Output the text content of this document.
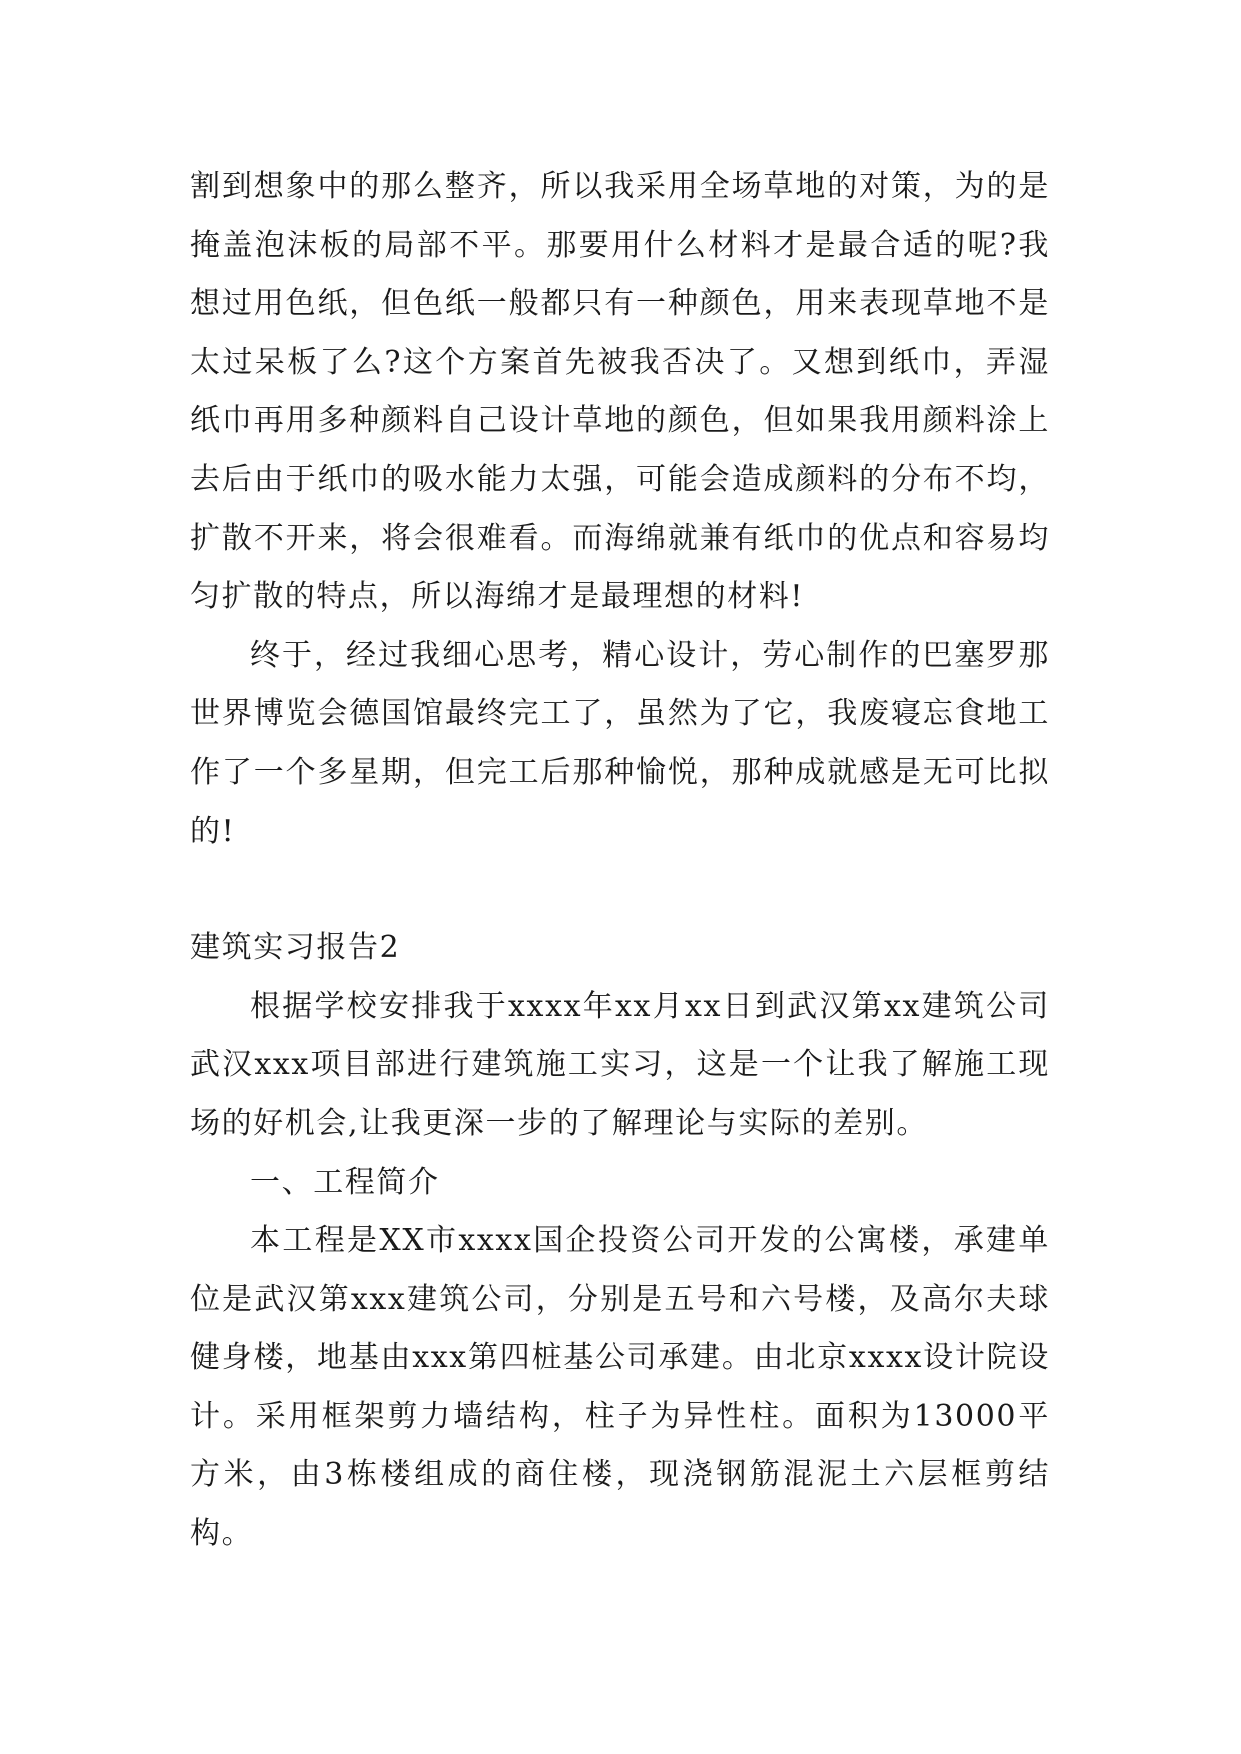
割到想象中的那么整齐，所以我采用全场草地的对策，为的是掩盖泡沫板的局部不平。那要用什么材料才是最合适的呢?我想过用色纸，但色纸一般都只有一种颜色，用来表现草地不是太过呆板了么?这个方案首先被我否决了。又想到纸巾，弄湿纸巾再用多种颜料自己设计草地的颜色，但如果我用颜料涂上去后由于纸巾的吸水能力太强，可能会造成颜料的分布不均，扩散不开来，将会很难看。而海绵就兼有纸巾的优点和容易均匀扩散的特点，所以海绵才是最理想的材料!

终于，经过我细心思考，精心设计，劳心制作的巴塞罗那世界博览会德国馆最终完工了，虽然为了它，我废寝忘食地工作了一个多星期，但完工后那种愉悦，那种成就感是无可比拟的!

建筑实习报告2

根据学校安排我于xxxx年xx月xx日到武汉第xx建筑公司武汉xxx项目部进行建筑施工实习，这是一个让我了解施工现场的好机会,让我更深一步的了解理论与实际的差别。

一、工程简介

本工程是XX市xxxx国企投资公司开发的公寓楼，承建单位是武汉第xxx建筑公司，分别是五号和六号楼，及高尔夫球健身楼，地基由xxx第四桩基公司承建。由北京xxxx设计院设计。采用框架剪力墙结构，柱子为异性柱。面积为13000平方米，由3栋楼组成的商住楼，现浇钢筋混泥土六层框剪结构。
